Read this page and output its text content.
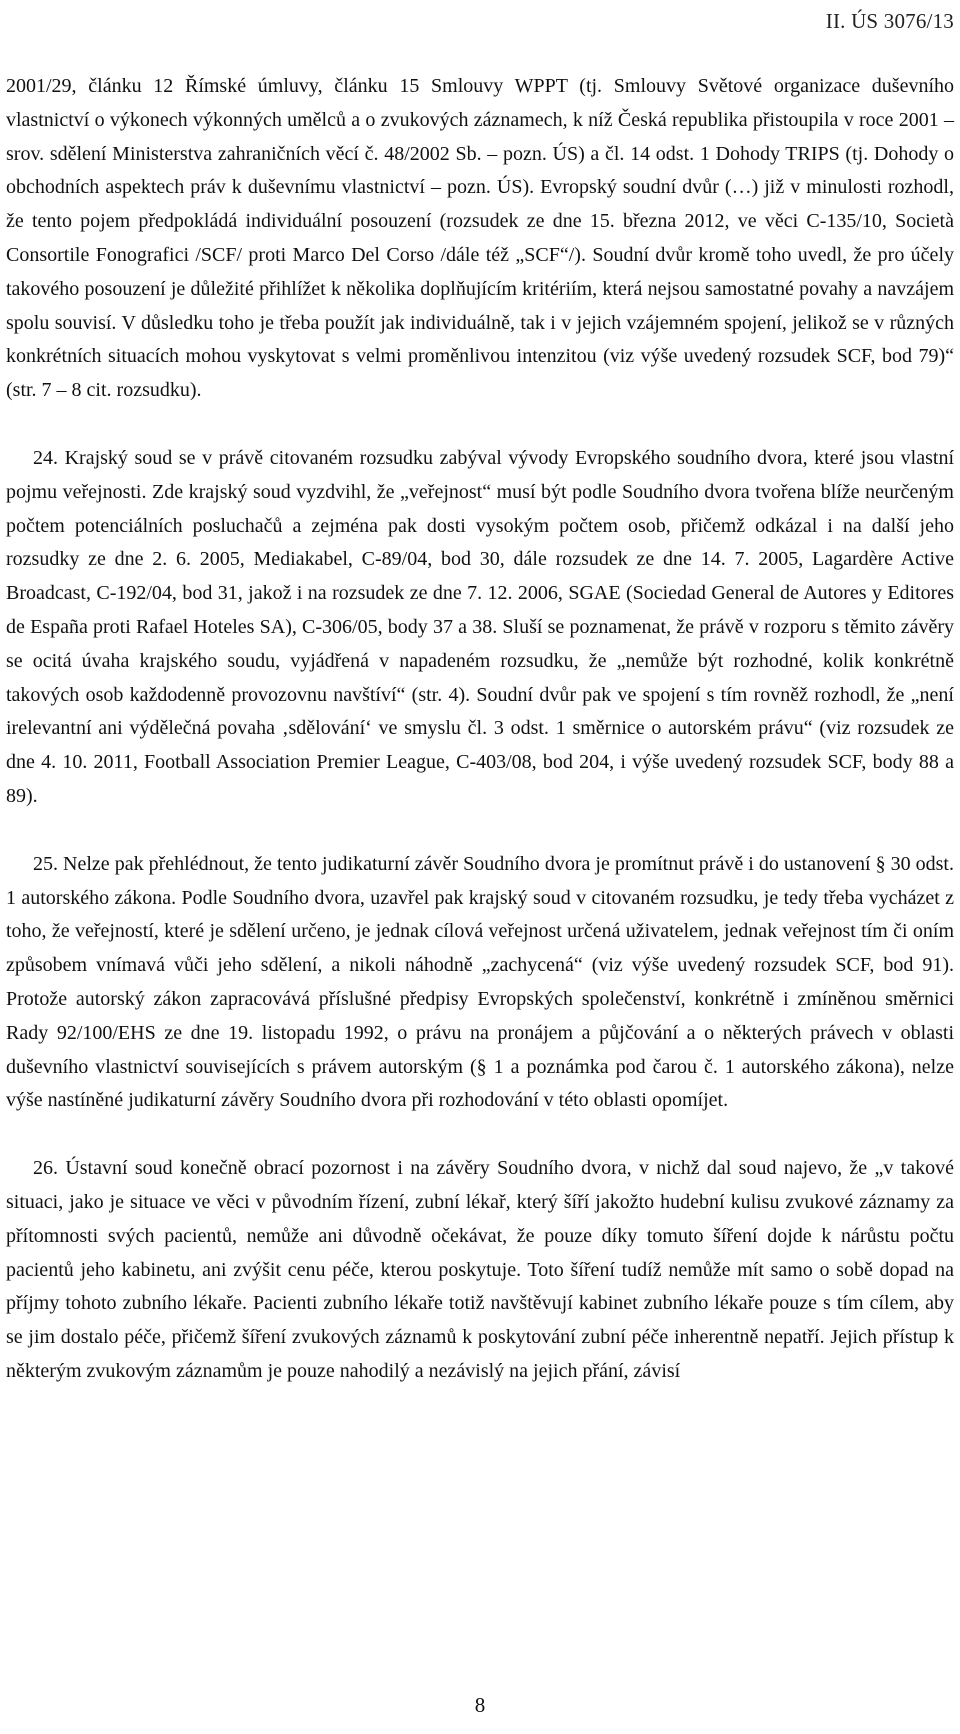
II. ÚS 3076/13

2001/29, článku 12 Římské úmluvy, článku 15 Smlouvy WPPT (tj. Smlouvy Světové organizace duševního vlastnictví o výkonech výkonných umělců a o zvukových záznamech, k níž Česká republika přistoupila v roce 2001 – srov. sdělení Ministerstva zahraničních věcí č. 48/2002 Sb. – pozn. ÚS) a čl. 14 odst. 1 Dohody TRIPS (tj. Dohody o obchodních aspektech práv k duševnímu vlastnictví – pozn. ÚS). Evropský soudní dvůr (…) již v minulosti rozhodl, že tento pojem předpokládá individuální posouzení (rozsudek ze dne 15. března 2012, ve věci C-135/10, Società Consortile Fonografici /SCF/ proti Marco Del Corso /dále též „SCF“/). Soudní dvůr kromě toho uvedl, že pro účely takového posouzení je důležité přihlížet k několika doplňujícím kritériím, která nejsou samostatné povahy a navzájem spolu souvisí. V důsledku toho je třeba použít jak individuálně, tak i v jejich vzájemném spojení, jelikož se v různých konkrétních situacích mohou vyskytovat s velmi proměnlivou intenzitou (viz výše uvedený rozsudek SCF, bod 79)“ (str. 7 – 8 cit. rozsudku).

24. Krajský soud se v právě citovaném rozsudku zabýval vývody Evropského soudního dvora, které jsou vlastní pojmu veřejnosti. Zde krajský soud vyzdvihl, že „veřejnost“ musí být podle Soudního dvora tvořena blíže neurčeným počtem potenciálních posluchačů a zejména pak dosti vysokým počtem osob, přičemž odkázal i na další jeho rozsudky ze dne 2. 6. 2005, Mediakabel, C-89/04, bod 30, dále rozsudek ze dne 14. 7. 2005, Lagardère Active Broadcast, C-192/04, bod 31, jakož i na rozsudek ze dne 7. 12. 2006, SGAE (Sociedad General de Autores y Editores de España proti Rafael Hoteles SA), C-306/05, body 37 a 38. Sluší se poznamenat, že právě v rozporu s těmito závěry se ocitá úvaha krajského soudu, vyjádřená v napadeném rozsudku, že „nemůže být rozhodné, kolik konkrétně takových osob každodenně provozovnu navštíví“ (str. 4). Soudní dvůr pak ve spojení s tím rovněž rozhodl, že „není irelevantní ani výdělečná povaha ‚sdělování‘ ve smyslu čl. 3 odst. 1 směrnice o autorském právu“ (viz rozsudek ze dne 4. 10. 2011, Football Association Premier League, C-403/08, bod 204, i výše uvedený rozsudek SCF, body 88 a 89).

25. Nelze pak přehlédnout, že tento judikaturní závěr Soudního dvora je promítnut právě i do ustanovení § 30 odst. 1 autorského zákona. Podle Soudního dvora, uzavřel pak krajský soud v citovaném rozsudku, je tedy třeba vycházet z toho, že veřejností, které je sdělení určeno, je jednak cílová veřejnost určená uživatelem, jednak veřejnost tím či oním způsobem vnímavá vůči jeho sdělení, a nikoli náhodně „zachycená“ (viz výše uvedený rozsudek SCF, bod 91). Protože autorský zákon zapracovává příslušné předpisy Evropských společenství, konkrétně i zmíněnou směrnici Rady 92/100/EHS ze dne 19. listopadu 1992, o právu na pronájem a půjčování a o některých právech v oblasti duševního vlastnictví souvisejících s právem autorským (§ 1 a poznámka pod čarou č. 1 autorského zákona), nelze výše nastíněné judikaturní závěry Soudního dvora při rozhodování v této oblasti opomíjet.

26. Ústavní soud konečně obrací pozornost i na závěry Soudního dvora, v nichž dal soud najevo, že „v takové situaci, jako je situace ve věci v původním řízení, zubní lékař, který šíří jakožto hudební kulisu zvukové záznamy za přítomnosti svých pacientů, nemůže ani důvodně očekávat, že pouze díky tomuto šíření dojde k nárůstu počtu pacientů jeho kabinetu, ani zvýšit cenu péče, kterou poskytuje. Toto šíření tudíž nemůže mít samo o sobě dopad na příjmy tohoto zubního lékaře. Pacienti zubního lékaře totiž navštěvují kabinet zubního lékaře pouze s tím cílem, aby se jim dostalo péče, přičemž šíření zvukových záznamů k poskytování zubní péče inherentně nepatří. Jejich přístup k některým zvukovým záznamům je pouze nahodilý a nezávislý na jejich přání, závisí

8
